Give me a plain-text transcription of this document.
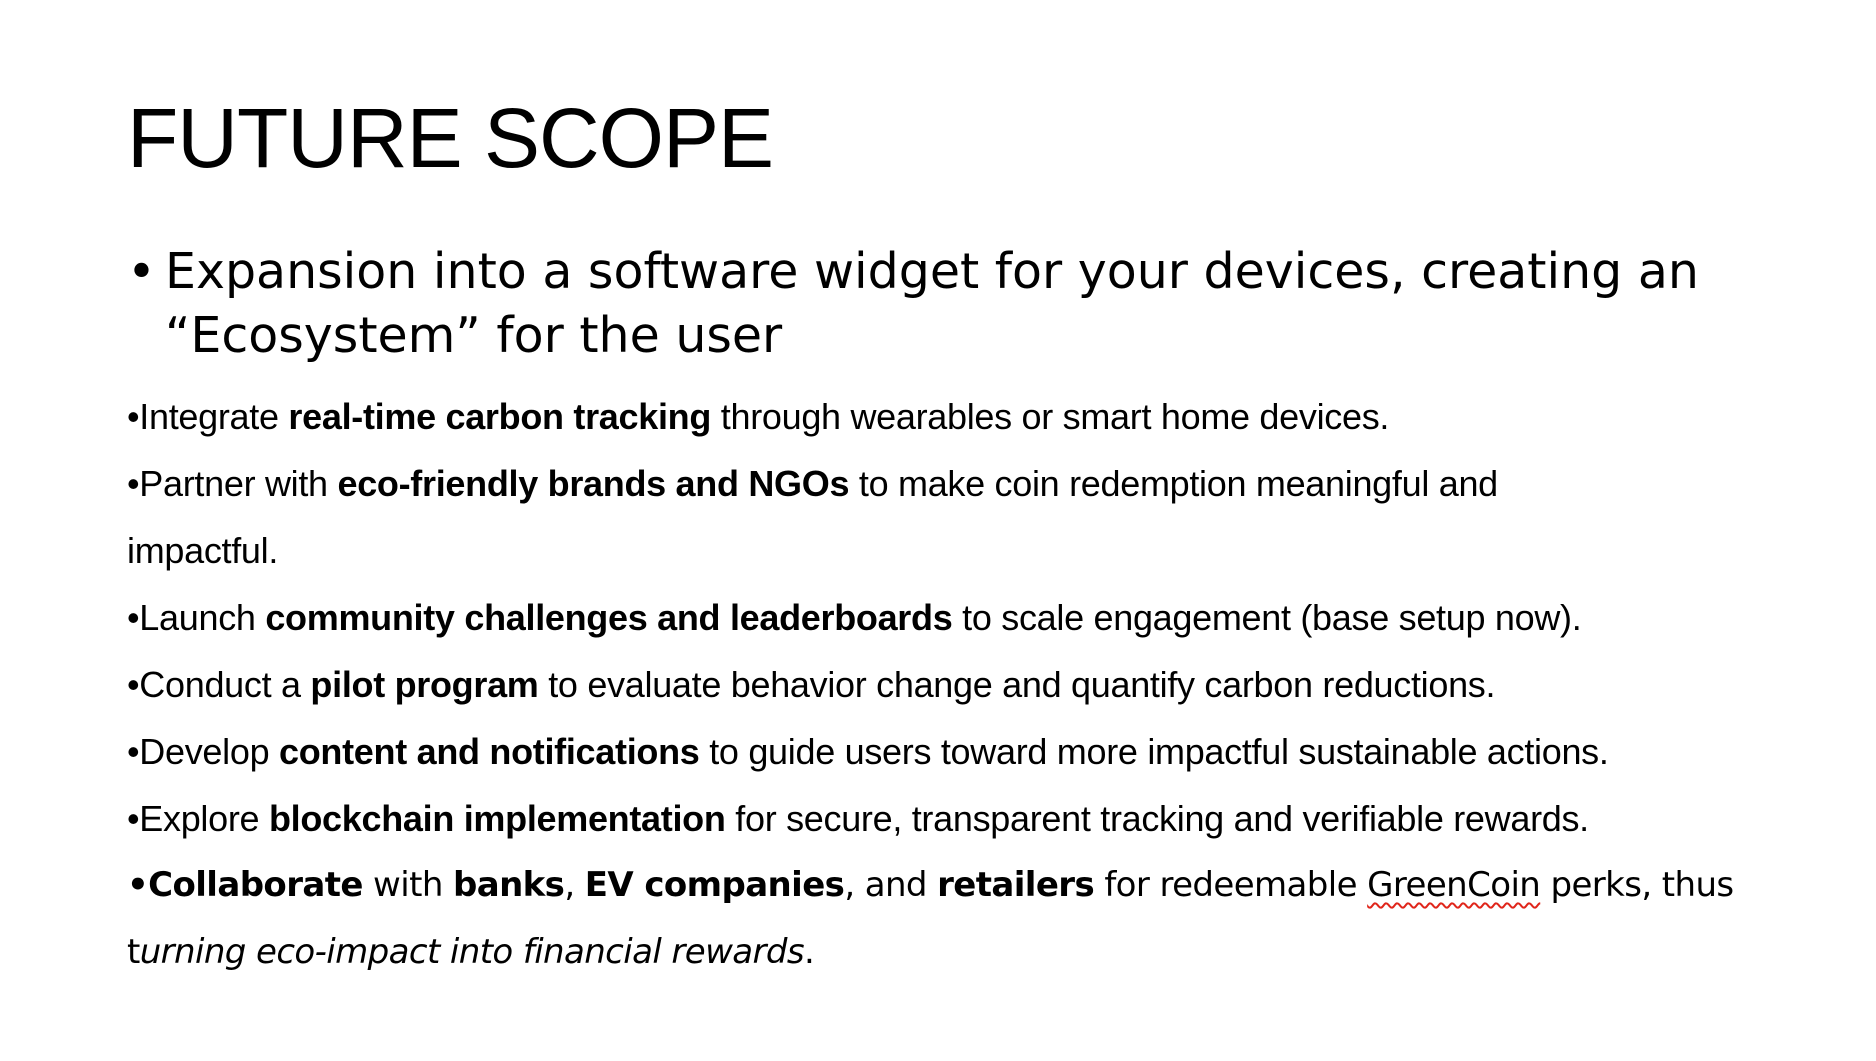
FUTURE SCOPE
• Expansion into a software widget for your devices, creating an
“Ecosystem” for the user
•Integrate real-time carbon tracking through wearables or smart home devices.
•Partner with eco-friendly brands and NGOs to make coin redemption meaningful and
impactful.
•Launch community challenges and leaderboards to scale engagement (base setup now).
•Conduct a pilot program to evaluate behavior change and quantify carbon reductions.
•Develop content and notifications to guide users toward more impactful sustainable actions.
•Explore blockchain implementation for secure, transparent tracking and verifiable rewards.
•Collaborate with banks, EV companies, and retailers for redeemable GreenCoin perks, thus
turning eco-impact into financial rewards.
